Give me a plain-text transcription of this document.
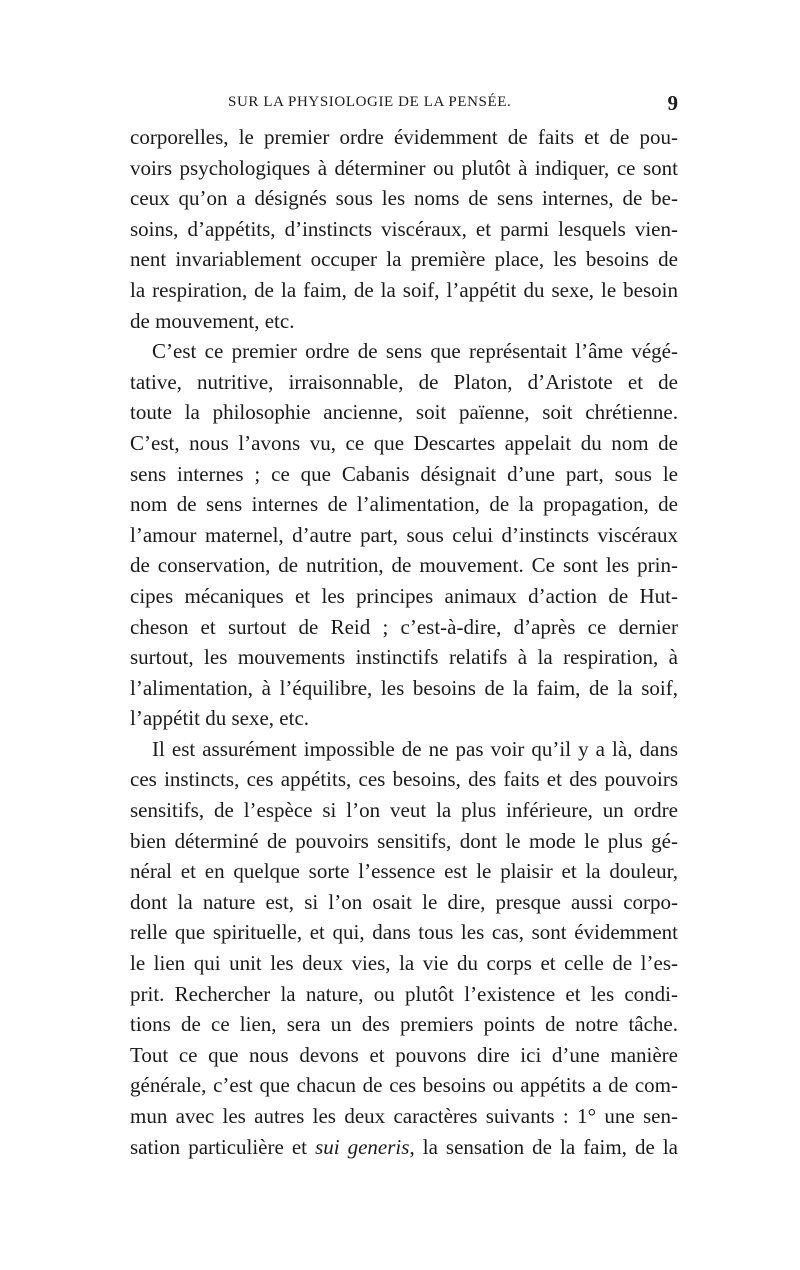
SUR LA PHYSIOLOGIE DE LA PENSÉE.	9
corporelles, le premier ordre évidemment de faits et de pou-
voirs psychologiques à déterminer ou plutôt à indiquer, ce sont
ceux qu’on a désignés sous les noms de sens internes, de be-
soins, d’appétits, d’instincts viscéraux, et parmi lesquels vien-
nent invariablement occuper la première place, les besoins de
la respiration, de la faim, de la soif, l’appétit du sexe, le besoin
de mouvement, etc.
C’est ce premier ordre de sens que représentait l’âme végé-
tative, nutritive, irraisonnable, de Platon, d’Aristote et de
toute la philosophie ancienne, soit païenne, soit chrétienne.
C’est, nous l’avons vu, ce que Descartes appelait du nom de
sens internes ; ce que Cabanis désignait d’une part, sous le
nom de sens internes de l’alimentation, de la propagation, de
l’amour maternel, d’autre part, sous celui d’instincts viscéraux
de conservation, de nutrition, de mouvement. Ce sont les prin-
cipes mécaniques et les principes animaux d’action de Hut-
cheson et surtout de Reid ; c’est-à-dire, d’après ce dernier
surtout, les mouvements instinctifs relatifs à la respiration, à
l’alimentation, à l’équilibre, les besoins de la faim, de la soif,
l’appétit du sexe, etc.
Il est assurément impossible de ne pas voir qu’il y a là, dans
ces instincts, ces appétits, ces besoins, des faits et des pouvoirs
sensitifs, de l’espèce si l’on veut la plus inférieure, un ordre
bien déterminé de pouvoirs sensitifs, dont le mode le plus gé-
néral et en quelque sorte l’essence est le plaisir et la douleur,
dont la nature est, si l’on osait le dire, presque aussi corpo-
relle que spirituelle, et qui, dans tous les cas, sont évidemment
le lien qui unit les deux vies, la vie du corps et celle de l’es-
prit. Rechercher la nature, ou plutôt l’existence et les condi-
tions de ce lien, sera un des premiers points de notre tâche.
Tout ce que nous devons et pouvons dire ici d’une manière
générale, c’est que chacun de ces besoins ou appétits a de com-
mun avec les autres les deux caractères suivants : 1° une sen-
sation particulière et sui generis, la sensation de la faim, de la
